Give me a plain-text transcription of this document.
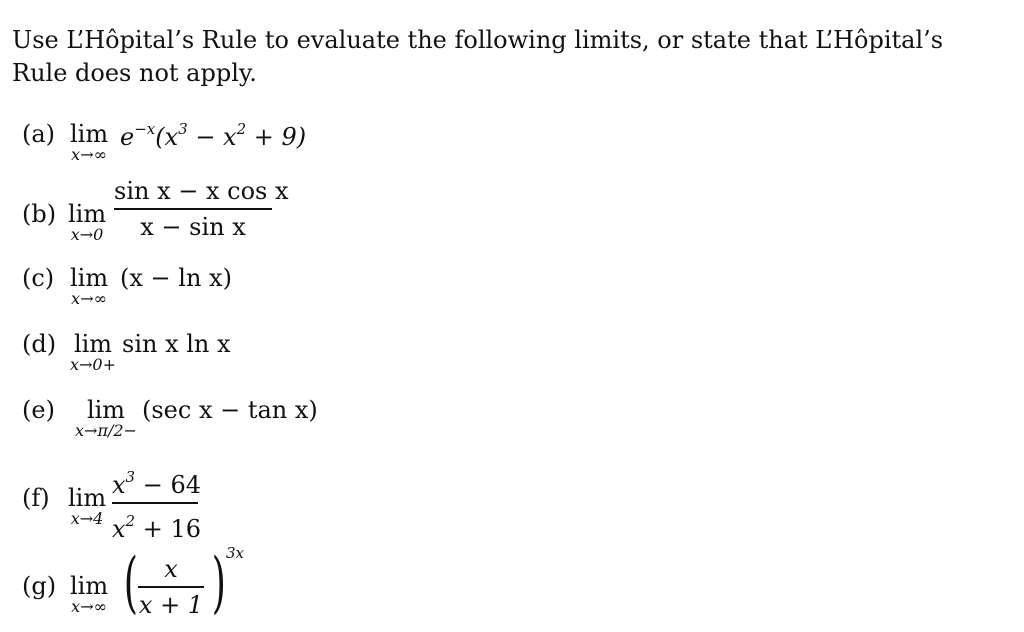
Use L’Hôpital’s Rule to evaluate the following limits, or state that L’Hôpital’s Rule does not apply.
(a) lim
x→∞
$e^{-x}(x^3 - x^2 + 9)$
(b) lim
x→0
sin x − x cos x
x − sin x
(c) lim
x→∞
(x − ln x)
(d) lim
x→0+
sin x ln x
(e)	lim
x→π/2−
(sec x − tan x)
(f) lim
x→4
$x^3 - 64$
$x^2 + 16$
(g) lim
x→∞ (	x
x + 1 ) 3x
